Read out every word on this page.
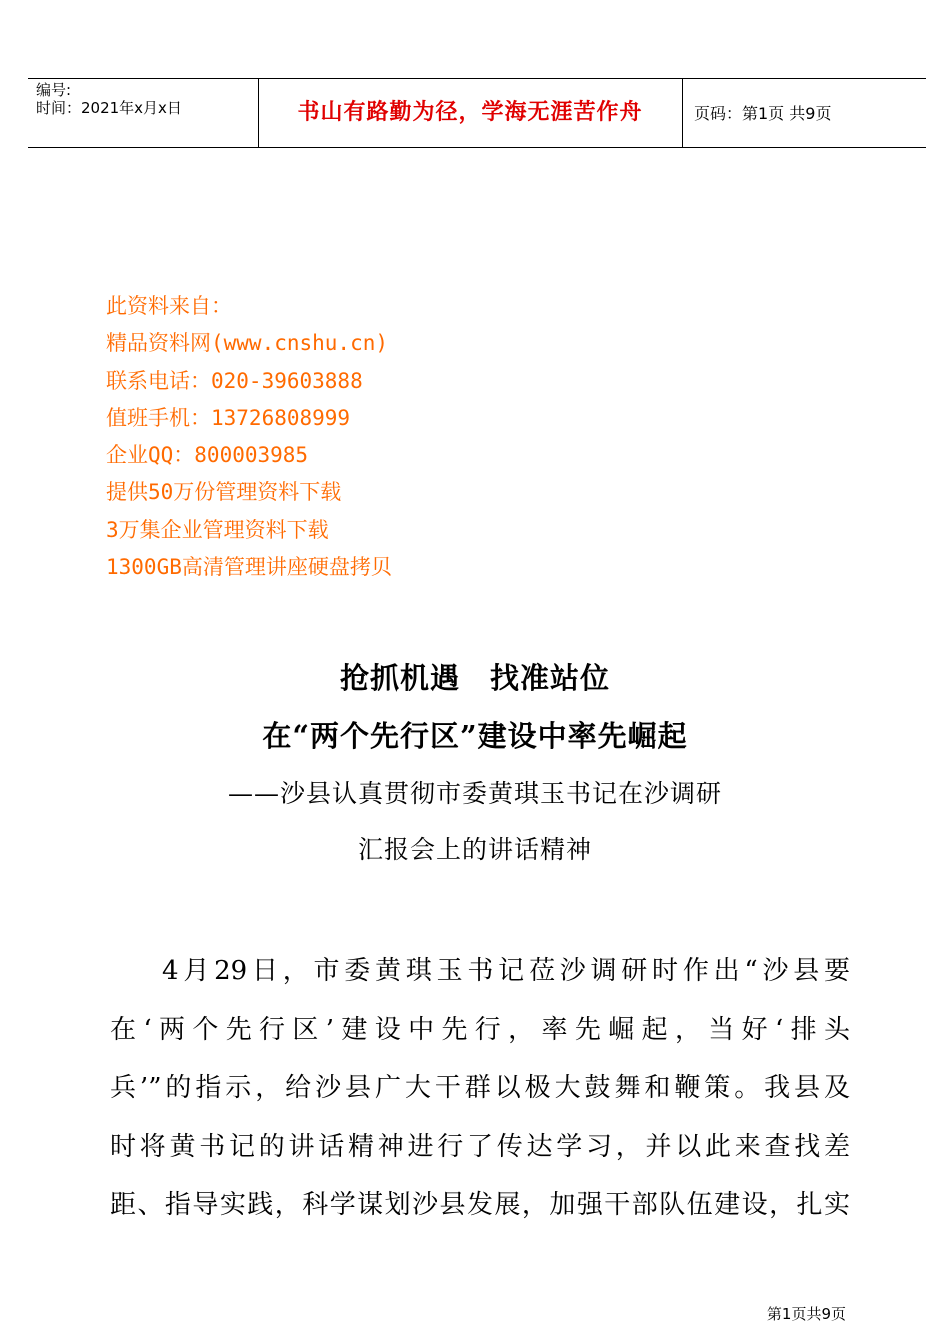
编号:
时间：2021年x月x日	书山有路勤为径，学海无涯苦作舟	页码：第1页 共9页
此资料来自：
精品资料网(www.cnshu.cn)
联系电话：020-39603888
值班手机：13726808999
企业QQ：800003985
提供50万份管理资料下载
3万集企业管理资料下载
1300GB高清管理讲座硬盘拷贝
抢抓机遇　找准站位
在“两个先行区”建设中率先崛起
——沙县认真贯彻市委黄琪玉书记在沙调研
汇报会上的讲话精神
4月29日，市委黄琪玉书记莅沙调研时作出“沙县要
在‘两个先行区’建设中先行，率先崛起，当好‘排头
兵’”的指示，给沙县广大干群以极大鼓舞和鞭策。我县及
时将黄书记的讲话精神进行了传达学习，并以此来查找差
距、指导实践，科学谋划沙县发展，加强干部队伍建设，扎实
第1页共9页
